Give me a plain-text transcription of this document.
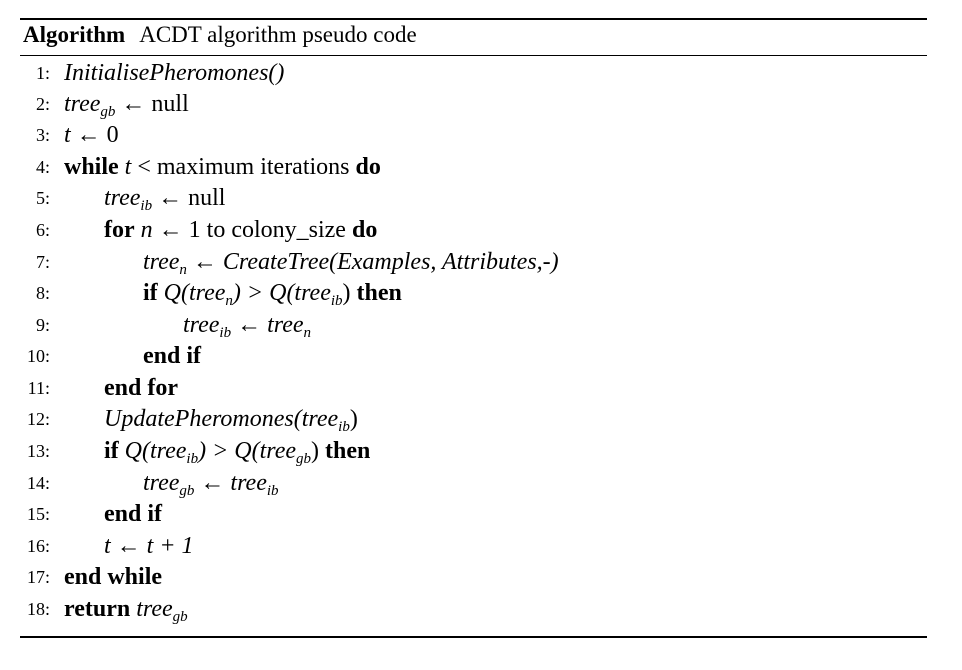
Algorithm ACDT algorithm pseudo code
1: InitialisePheromones()
2: tree$_{gb}$ ← null
3: t ← 0
4: while t < maximum iterations do
5: tree$_{ib}$ ← null
6: for n ← 1 to colony_size do
7:	tree$_n$ ← CreateTree(Examples, Attributes,-)
8:	if Q(tree$_n$) > Q(tree$_{ib}$) then
9:	tree$_{ib}$ ← tree$_n$
10:	end if
11: end for
12: UpdatePheromones(tree$_{ib}$)
13: if Q(tree$_{ib}$) > Q(tree$_{gb}$) then
14:	tree$_{gb}$ ← tree$_{ib}$
15: end if
16: t ← t + 1
17: end while
18: return tree$_{gb}$
